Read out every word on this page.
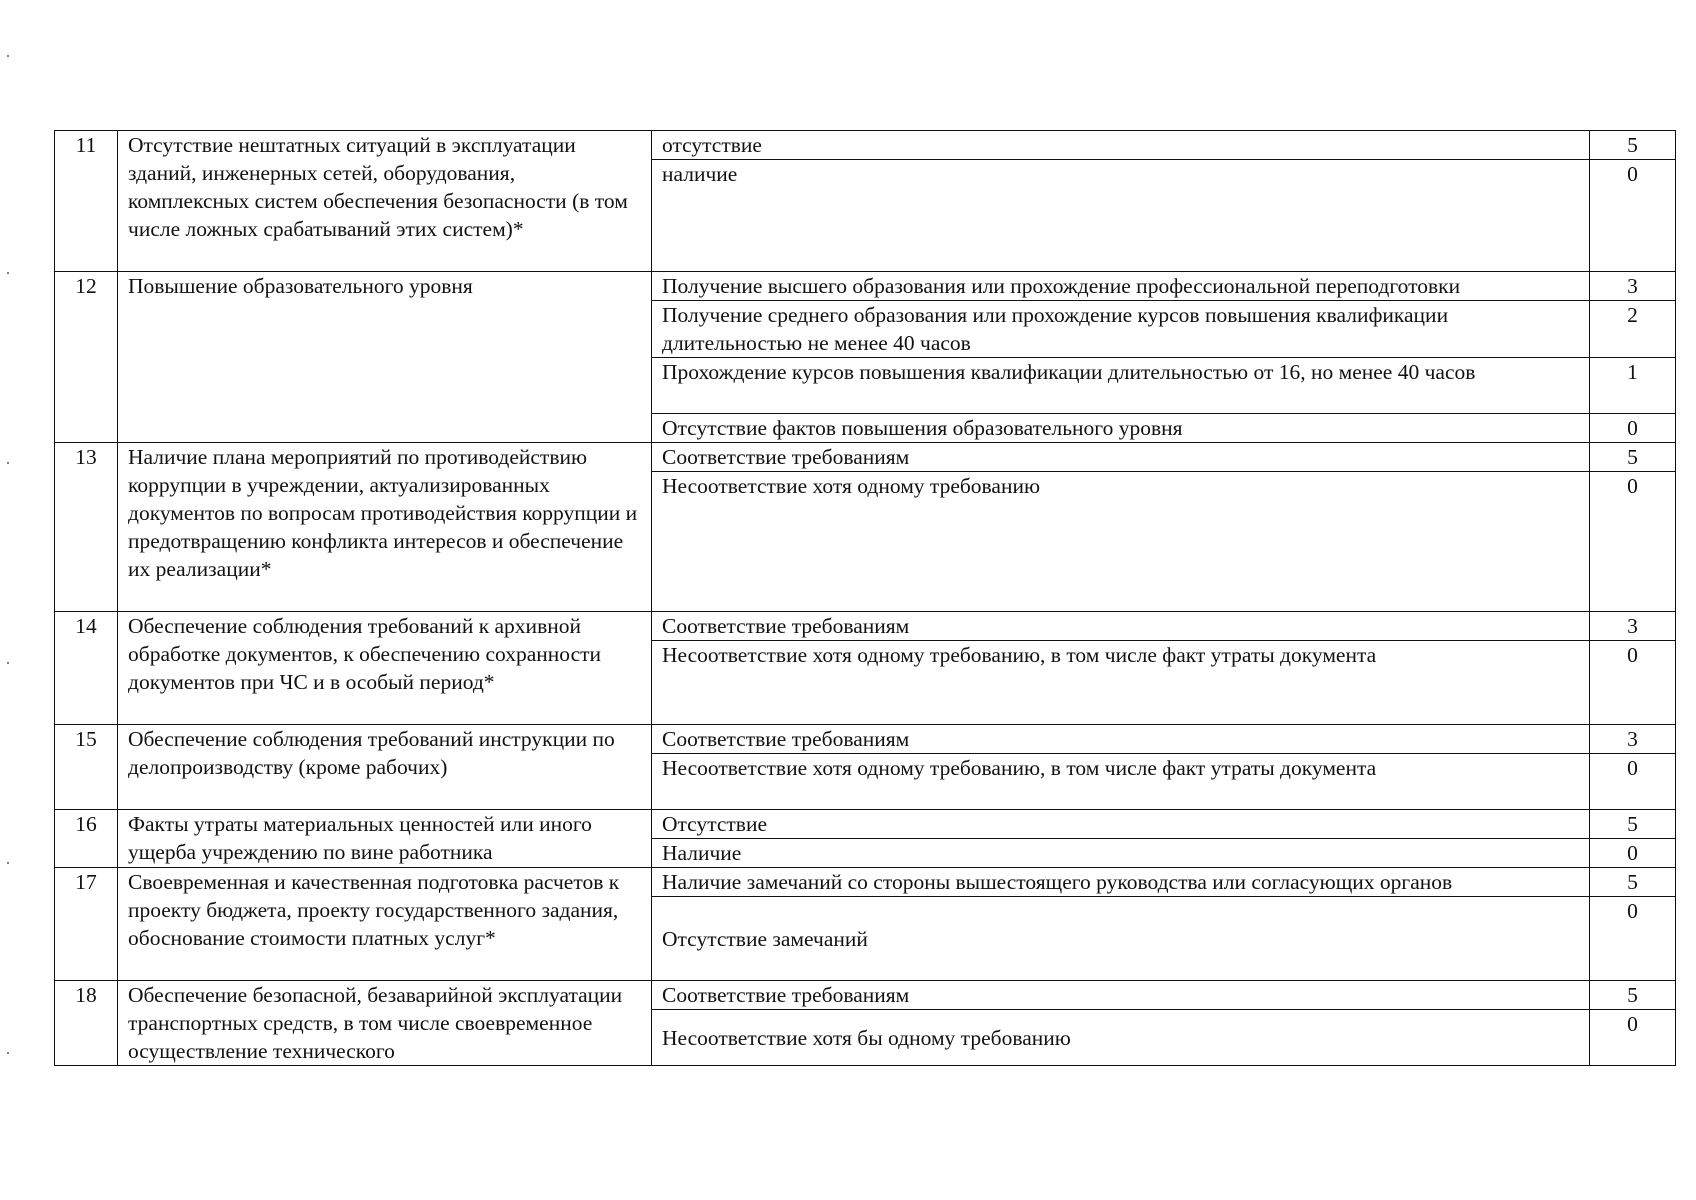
11	Отсутствие нештатных ситуаций в эксплуатации зданий, инженерных сетей, оборудования, комплексных систем обеспечения безопасности (в том числе ложных срабатываний этих систем)*	отсутствие	5
		наличие	0
12	Повышение образовательного уровня	Получение высшего образования или прохождение профессиональной переподготовки	3
		Получение среднего образования или прохождение курсов повышения квалификации длительностью не менее 40 часов	2
		Прохождение курсов повышения квалификации длительностью от 16, но менее 40 часов	1
		Отсутствие фактов повышения образовательного уровня	0
13	Наличие плана мероприятий по противодействию коррупции в учреждении, актуализированных документов по вопросам противодействия коррупции и предотвращению конфликта интересов и обеспечение их реализации*	Соответствие требованиям	5
		Несоответствие хотя одному требованию	0
14	Обеспечение соблюдения требований к архивной обработке документов, к обеспечению сохранности документов при ЧС и в особый период*	Соответствие требованиям	3
		Несоответствие хотя одному требованию, в том числе факт утраты документа	0
15	Обеспечение соблюдения требований инструкции по делопроизводству (кроме рабочих)	Соответствие требованиям	3
		Несоответствие хотя одному требованию, в том числе факт утраты документа	0
16	Факты утраты материальных ценностей или иного ущерба учреждению по вине работника	Отсутствие	5
		Наличие	0
17	Своевременная и качественная подготовка расчетов к проекту бюджета, проекту государственного задания, обоснование стоимости платных услуг*	Наличие замечаний со стороны вышестоящего руководства или согласующих органов	5
		Отсутствие замечаний	0
18	Обеспечение безопасной, безаварийной эксплуатации транспортных средств, в том числе своевременное осуществление технического	Соответствие требованиям	5
		Несоответствие хотя бы одному требованию	0
